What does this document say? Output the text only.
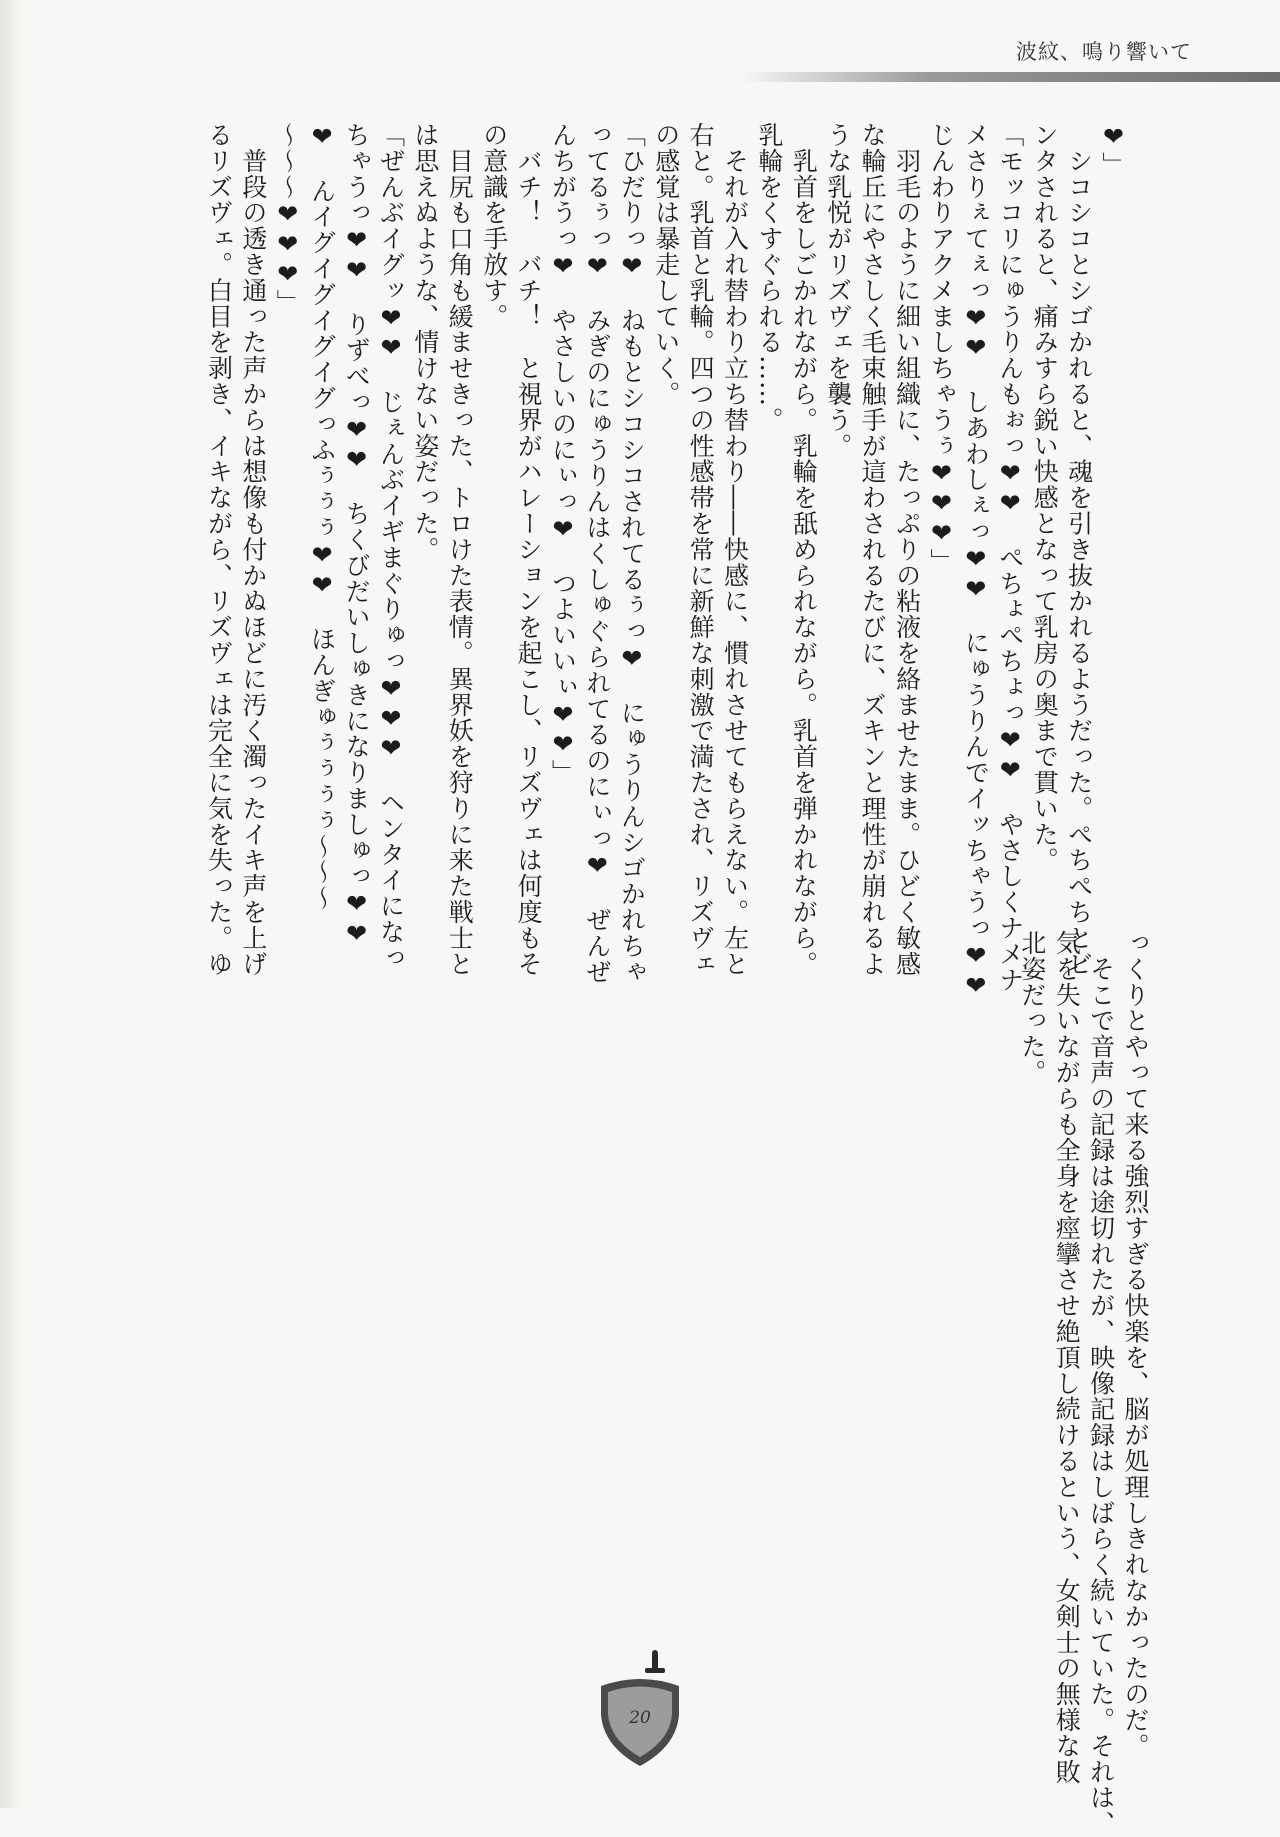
波紋、鳴り響いて

❤」

　シコシコとシゴかれると、魂を引き抜かれるようだった。ぺちぺちとビ

ンタされると、痛みすら鋭い快感となって乳房の奥まで貫いた。

「モッコリにゅうりんもぉっ❤❤　ぺちょぺちょっ❤❤　やさしくナメナ

メさりぇてぇっ❤❤　しあわしぇっ❤❤　にゅうりんでイッちゃうっ❤❤

じんわりアクメましちゃうぅ❤❤❤」

　羽毛のように細い組織に、たっぷりの粘液を絡ませたまま。ひどく敏感

な輪丘にやさしく毛束触手が這わされるたびに、ズキンと理性が崩れるよ

うな乳悦がリズヴェを襲う。

　乳首をしごかれながら。乳輪を舐められながら。乳首を弾かれながら。

乳輪をくすぐられる……。

　それが入れ替わり立ち替わり――快感に、慣れさせてもらえない。左と

右と。乳首と乳輪。四つの性感帯を常に新鮮な刺激で満たされ、リズヴェ

の感覚は暴走していく。

「ひだりっ❤　ねもとシコシコされてるぅっ❤　にゅうりんシゴかれちゃ

ってるぅっ❤　みぎのにゅうりんはくしゅぐられてるのにぃっ❤　ぜんぜ

んちがうっ❤　やさしいのにぃっ❤　つよいいぃ❤❤」

　バチ！　バチ！　と視界がハレーションを起こし、リズヴェは何度もそ

の意識を手放す。

　目尻も口角も緩ませきった、トロけた表情。異界妖を狩りに来た戦士と

は思えぬような、情けない姿だった。

「ぜんぶイグッ❤❤　じぇんぶイギまぐりゅっ❤❤❤　ヘンタイになっ

ちゃうっ❤❤　りずべっ❤❤　ちくびだいしゅきになりましゅっ❤❤

❤　んイグイグイグイグっふぅぅぅ❤❤　ほんぎゅぅぅぅぅ〜〜〜

〜〜〜❤❤❤」

　普段の透き通った声からは想像も付かぬほどに汚く濁ったイキ声を上げ

るリズヴェ。白目を剥き、イキながら、リズヴェは完全に気を失った。ゆ

っくりとやって来る強烈すぎる快楽を、脳が処理しきれなかったのだ。

　そこで音声の記録は途切れたが、映像記録はしばらく続いていた。それは、

気を失いながらも全身を痙攣させ絶頂し続けるという、女剣士の無様な敗

北姿だった。

20
